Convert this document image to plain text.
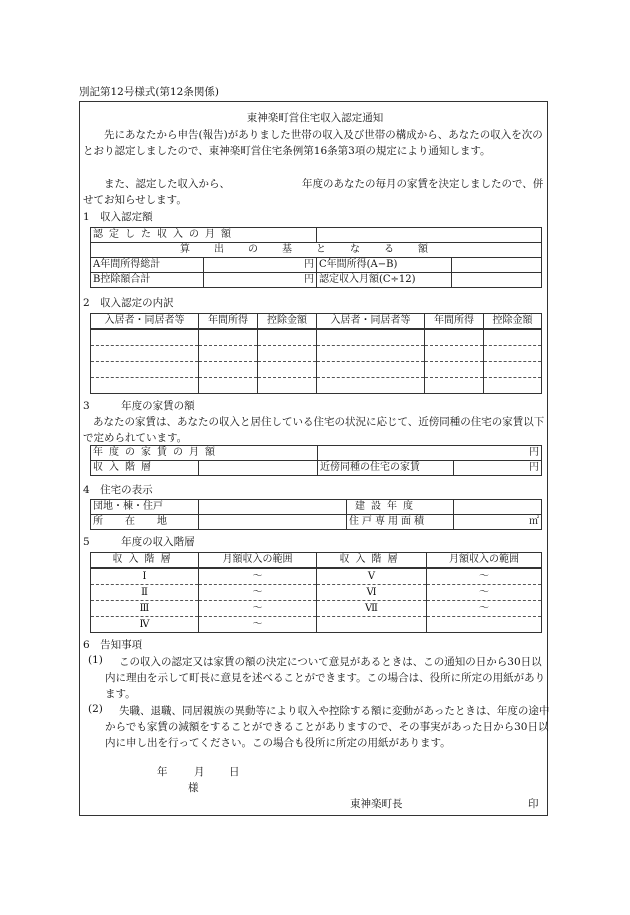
別記第12号様式(第12条関係)
東神楽町営住宅収入認定通知
先にあなたから申告(報告)がありました世帯の収入及び世帯の構成から、あなたの収入を次のとおり認定しましたので、東神楽町営住宅条例第16条第3項の規定により通知します。
また、認定した収入から、	年度のあなたの毎月の家賃を決定しましたので、併せてお知らせします。
1　収入認定額
認定した収入の月額			
算出の基となる額			
A年間所得総計	円	C年間所得(A−B)	
B控除額合計	円	認定収入月額(C÷12)	
2　収入認定の内訳
入居者・同居者等	年間所得	控除金額	入居者・同居者等	年間所得	控除金額

3　　　年度の家賃の額
あなたの家賃は、あなたの収入と居住している住宅の状況に応じて、近傍同種の住宅の家賃以下で定められています。
年度の家賃の月額		円	
収入階層		近傍同種の住宅の家賃	円
4　住宅の表示
団地・棟・住戸		建設年度	
所在地		住戸専用面積	㎡
5　　　年度の収入階層
収入階層	月額収入の範囲	収入階層	月額収入の範囲
Ⅰ	〜	Ⅴ	〜
Ⅱ	〜	Ⅵ	〜
Ⅲ	〜	Ⅶ	〜
Ⅳ	〜		
6　告知事項
(1)	この収入の認定又は家賃の額の決定について意見があるときは、この通知の日から30日以内に理由を示して町長に意見を述べることができます。この場合は、役所に所定の用紙があります。
(2)	失職、退職、同居親族の異動等により収入や控除する額に変動があったときは、年度の途中からでも家賃の減額をすることができることがありますので、その事実があった日から30日以内に申し出を行ってください。この場合も役所に所定の用紙があります。
年	月 日
様
東神楽町長	印
